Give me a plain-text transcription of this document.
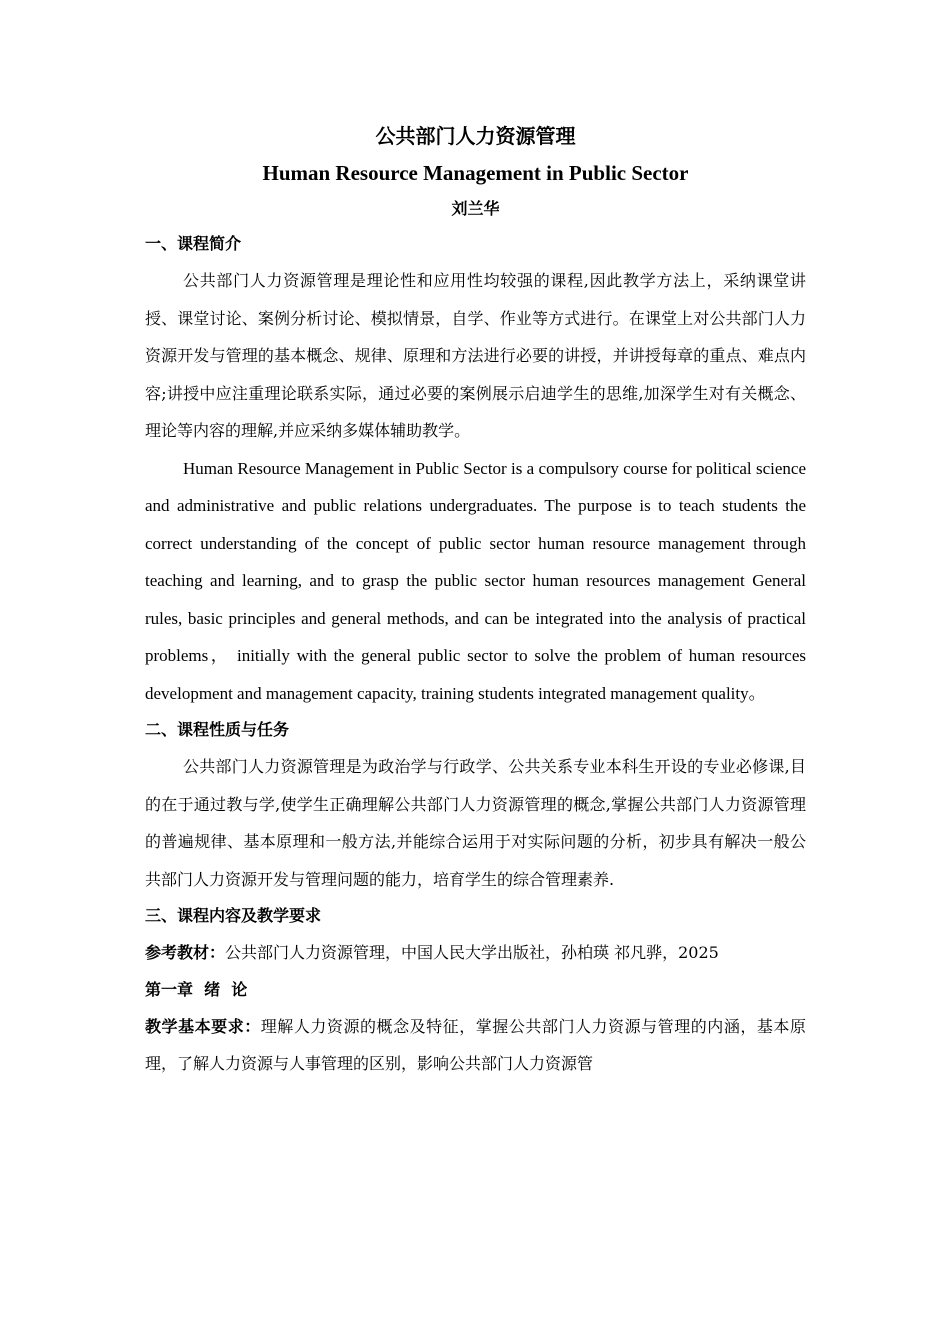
公共部门人力资源管理
Human Resource Management in Public Sector
刘兰华
一、课程简介

公共部门人力资源管理是理论性和应用性均较强的课程,因此教学方法上，采纳课堂讲授、课堂讨论、案例分析讨论、模拟情景，自学、作业等方式进行。在课堂上对公共部门人力资源开发与管理的基本概念、规律、原理和方法进行必要的讲授，并讲授每章的重点、难点内容;讲授中应注重理论联系实际，通过必要的案例展示启迪学生的思维,加深学生对有关概念、理论等内容的理解,并应采纳多媒体辅助教学。

Human Resource Management in Public Sector is a compulsory course for political science and administrative and public relations undergraduates. The purpose is to teach students the correct understanding of the concept of public sector human resource management through teaching and learning, and to grasp the public sector human resources management General rules, basic principles and general methods, and can be integrated into the analysis of practical problems， initially with the general public sector to solve the problem of human resources development and management capacity, training students integrated management quality。

二、课程性质与任务

公共部门人力资源管理是为政治学与行政学、公共关系专业本科生开设的专业必修课,目的在于通过教与学,使学生正确理解公共部门人力资源管理的概念,掌握公共部门人力资源管理的普遍规律、基本原理和一般方法,并能综合运用于对实际问题的分析，初步具有解决一般公共部门人力资源开发与管理问题的能力，培育学生的综合管理素养.

三、课程内容及教学要求

参考教材：公共部门人力资源管理，中国人民大学出版社，孙柏瑛 祁凡骅，2025

第一章  绪  论

教学基本要求：理解人力资源的概念及特征，掌握公共部门人力资源与管理的内涵，基本原理，了解人力资源与人事管理的区别，影响公共部门人力资源管
